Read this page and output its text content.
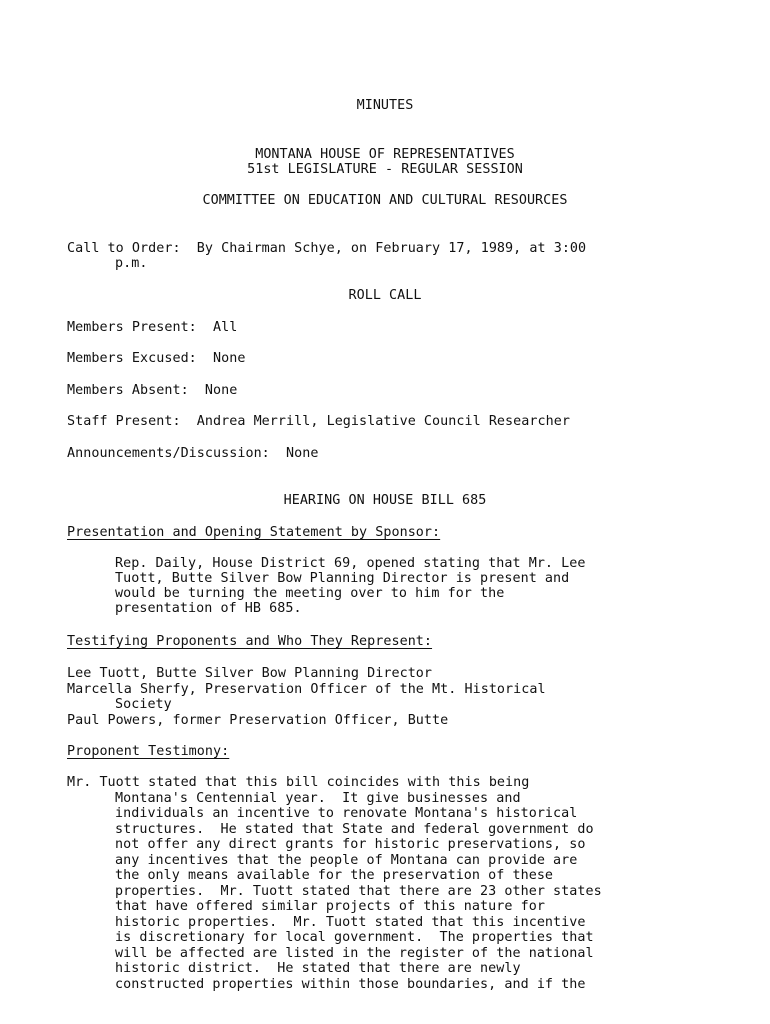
MINUTES
MONTANA HOUSE OF REPRESENTATIVES
51st LEGISLATURE - REGULAR SESSION
COMMITTEE ON EDUCATION AND CULTURAL RESOURCES
Call to Order:  By Chairman Schye, on February 17, 1989, at 3:00
p.m.
ROLL CALL
Members Present:  All
Members Excused:  None
Members Absent:  None
Staff Present:  Andrea Merrill, Legislative Council Researcher
Announcements/Discussion:  None
HEARING ON HOUSE BILL 685
Presentation and Opening Statement by Sponsor:
Rep. Daily, House District 69, opened stating that Mr. Lee
Tuott, Butte Silver Bow Planning Director is present and
would be turning the meeting over to him for the
presentation of HB 685.
Testifying Proponents and Who They Represent:
Lee Tuott, Butte Silver Bow Planning Director
Marcella Sherfy, Preservation Officer of the Mt. Historical
Society
Paul Powers, former Preservation Officer, Butte
Proponent Testimony:
Mr. Tuott stated that this bill coincides with this being
Montana's Centennial year.  It give businesses and
individuals an incentive to renovate Montana's historical
structures.  He stated that State and federal government do
not offer any direct grants for historic preservations, so
any incentives that the people of Montana can provide are
the only means available for the preservation of these
properties.  Mr. Tuott stated that there are 23 other states
that have offered similar projects of this nature for
historic properties.  Mr. Tuott stated that this incentive
is discretionary for local government.  The properties that
will be affected are listed in the register of the national
historic district.  He stated that there are newly
constructed properties within those boundaries, and if the
